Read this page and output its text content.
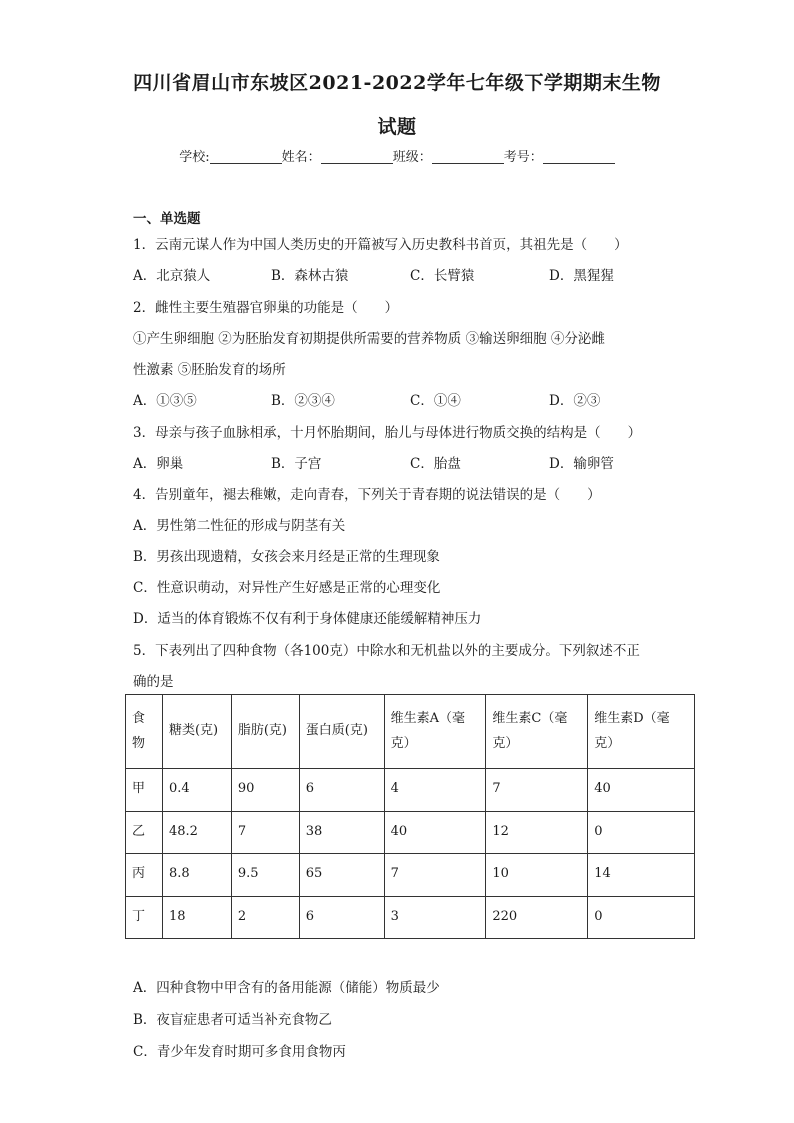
四川省眉山市东坡区2021-2022学年七年级下学期期末生物
试题
学校:	姓名：	班级：	考号：
一、单选题
1．云南元谋人作为中国人类历史的开篇被写入历史教科书首页，其祖先是（　　）
A．北京猿人	B．森林古猿	C．长臂猿	D．黑猩猩
2．雌性主要生殖器官卵巢的功能是（　　）
①产生卵细胞 ②为胚胎发育初期提供所需要的营养物质 ③输送卵细胞 ④分泌雌
性激素 ⑤胚胎发育的场所
A．①③⑤	B．②③④	C．①④	D．②③
3．母亲与孩子血脉相承，十月怀胎期间，胎儿与母体进行物质交换的结构是（　　）
A．卵巢	B．子宫	C．胎盘	D．输卵管
4．告别童年，褪去稚嫩，走向青春，下列关于青春期的说法错误的是（　　）
A．男性第二性征的形成与阴茎有关
B．男孩出现遗精，女孩会来月经是正常的生理现象
C．性意识萌动，对异性产生好感是正常的心理变化
D．适当的体育锻炼不仅有利于身体健康还能缓解精神压力
5．下表列出了四种食物（各100克）中除水和无机盐以外的主要成分。下列叙述不正
确的是
食物	糖类(克)	脂肪(克)	蛋白质(克)	维生素A（毫克）	维生素C（毫克）	维生素D（毫克）
甲	0.4	90	6	4	7	40
乙	48.2	7	38	40	12	0
丙	8.8	9.5	65	7	10	14
丁	18	2	6	3	220	0
A．四种食物中甲含有的备用能源（储能）物质最少
B．夜盲症患者可适当补充食物乙
C．青少年发育时期可多食用食物丙
